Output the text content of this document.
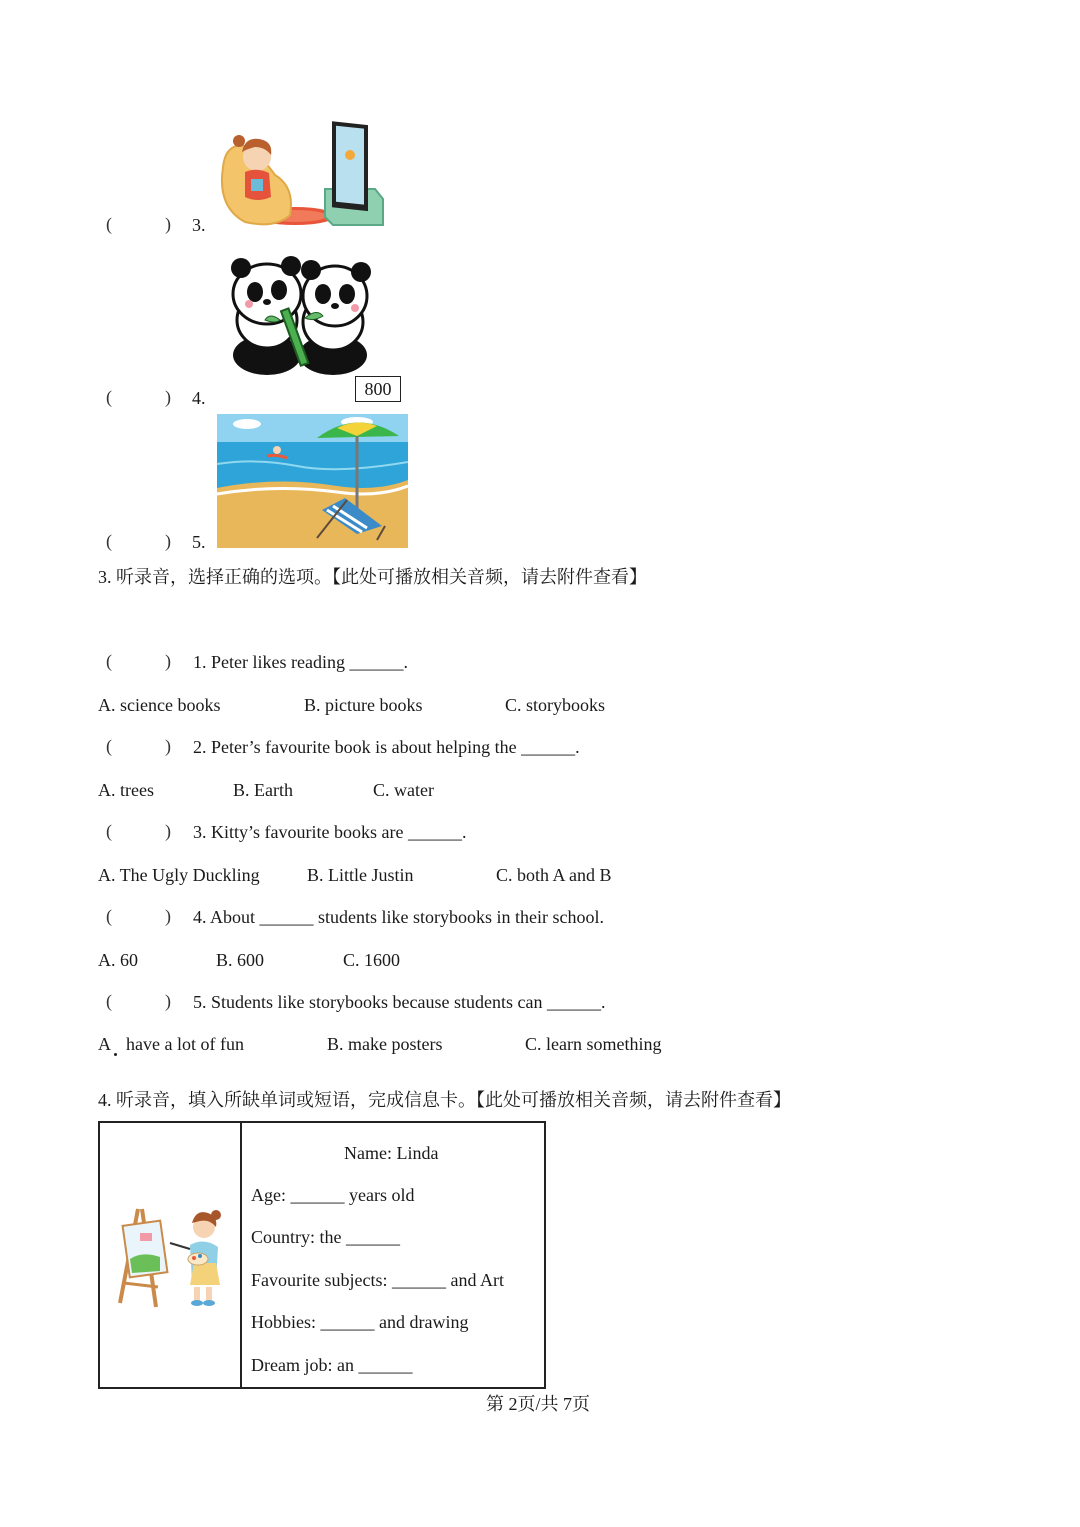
(	) 3.
(	) 4.	800
(	) 5.
3. 听录音，选择正确的选项。【此处可播放相关音频，请去附件查看】
(	) 1. Peter likes reading ______.
A. science books	B. picture books	C. storybooks
(	) 2. Peter’s favourite book is about helping the ______.
A. trees	B. Earth	C. water
(	) 3. Kitty’s favourite books are ______.
A. The Ugly Duckling	B. Little Justin	C. both A and B
(	) 4. About ______ students like storybooks in their school.
A. 60	B. 600	C. 1600
(	) 5. Students like storybooks because students can ______.
A have a lot of fun	B. make posters	C. learn something
4. 听录音，填入所缺单词或短语，完成信息卡。【此处可播放相关音频，请去附件查看】
Name: Linda
Age: ______ years old
Country: the ______
Favourite subjects: ______ and Art
Hobbies: ______ and drawing
Dream job: an ______
第 2页/共 7页
